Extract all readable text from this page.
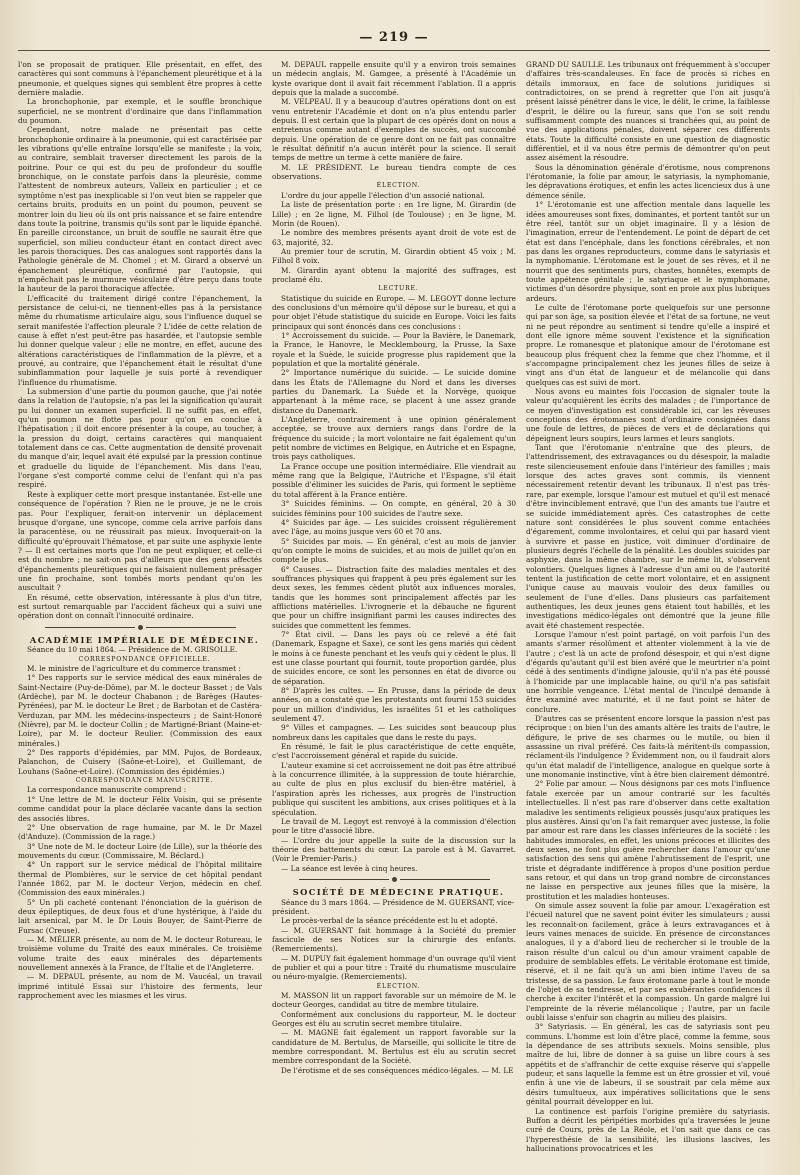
— 219 —

l'on se proposait de pratiquer. Elle présentait, en effet, des caractères qui sont communs à l'épanchement pleurétique et à la pneumonie, et quelques signes qui semblent être propres à cette dernière maladie.

La bronchophonie, par exemple, et le souffle bronchique superficiel, ne se montrent d'ordinaire que dans l'inflammation du poumon.

Cependant, notre malade ne présentait pas cette bronchophonie ordinaire à la pneumonie, qui est caractérisée par les vibrations qu'elle entraîne lorsqu'elle se manifeste ; la voix, au contraire, semblait traverser directement les parois de la poitrine. Pour ce qui est du peu de profondeur du souffle bronchique, on le constate parfois dans la pleurésie, comme l'attestent de nombreux auteurs, Valleix en particulier ; et ce symptôme n'est pas inexplicable si l'on veut bien se rappeler que certains bruits, produits en un point du poumon, peuvent se montrer loin du lieu où ils ont pris naissance et se faire entendre dans toute la poitrine, transmis qu'ils sont par le liquide épanché. En pareille circonstance, un bruit de souffle ne saurait être que superficiel, son milieu conducteur étant en contact direct avec les parois thoraciques. Des cas analogues sont rapportés dans la Pathologie générale de M. Chomel ; et M. Girard a observé un épanchement pleurétique, confirmé par l'autopsie, qui n'empêchait pas le murmure vésiculaire d'être perçu dans toute la hauteur de la paroi thoracique affectée.

L'efficacité du traitement dirigé contre l'épanchement, la persistance de celui-ci, ne tiennent-elles pas à la persistance même du rhumatisme articulaire aigu, sous l'influence duquel se serait manifestée l'affection pleurale ? L'idée de cette relation de cause à effet n'est peut-être pas hasardée, et l'autopsie semble lui donner quelque valeur ; elle ne montre, en effet, aucune des altérations caractéristiques de l'inflammation de la plèvre, et a prouvé, au contraire, que l'épanchement était le résultat d'une subinflammation pour laquelle je suis porté à revendiquer l'influence du rhumatisme.

La submersion d'une partie du poumon gauche, que j'ai notée dans la relation de l'autopsie, n'a pas lei la signification qu'aurait pu lui donner un examen superficiel. Il ne suffit pas, en effet, qu'un poumon ne flotte pas pour qu'on en conclue à l'hépatisation ; il doit encore présenter à la coupe, au toucher, à la pression du doigt, certains caractères qui manquaient totalement dans ce cas. Cette augmentation de densité provenait du manque d'air, lequel avait été expulsé par la pression continue et graduelle du liquide de l'épanchement. Mis dans l'eau, l'organe s'est comporté comme celui de l'enfant qui n'a pas respiré.

Reste à expliquer cette mort presque instantanée. Est-elle une conséquence de l'opération ? Rien ne le prouve, je ne le crois pas. Pour l'expliquer, ferait-on intervenir un déplacement brusque d'organe, une syncope, comme cela arrive parfois dans la paracentèse, ou ne réussirait pas mieux. Invoquerait-on la difficulté qu'éprouvait l'hématose, et par suite une asphyxie lente ? — Il est certaines morts que l'on ne peut expliquer, et celle-ci est du nombre ; ne sait-on pas d'ailleurs que des gens affectés d'épanchements pleurétiques qui ne faisaient nullement présager une fin prochaine, sont tombés morts pendant qu'on les auscultait ?

En résumé, cette observation, intéressante à plus d'un titre, est surtout remarquable par l'accident fâcheux qui a suivi une opération dont on connaît l'innocuité ordinaire.

ACADÉMIE IMPÉRIALE DE MÉDECINE.

Séance du 10 mai 1864. — Présidence de M. GRISOLLE.

CORRESPONDANCE OFFICIELLE.

M. le ministre de l'agriculture et du commerce transmet :

1° Des rapports sur le service médical des eaux minérales de Saint-Nectaire (Puy-de-Dôme), par M. le docteur Basset ; de Vals (Ardèche), par M. le docteur Chabanon ; de Barèges (Hautes-Pyrénées), par M. le docteur Le Bret ; de Barbotan et de Castéra-Verduzan, par MM. les médecins-inspecteurs ; de Saint-Honoré (Nièvre), par M. le docteur Collin ; de Martigné-Briant (Maine-et-Loire), par M. le docteur Reulier. (Commission des eaux minérales.)

2° Des rapports d'épidémies, par MM. Pujos, de Bordeaux, Palanchon, de Cuisery (Saône-et-Loire), et Guillemant, de Louhans (Saône-et-Loire). (Commission des épidémies.)

CORRESPONDANCE MANUSCRITE.

La correspondance manuscrite comprend :

1° Une lettre de M. le docteur Félix Voisin, qui se présente comme candidat pour la place déclarée vacante dans la section des associés libres.

2° Une observation de rage humaine, par M. le Dr Mazel (d'Anduze). (Commission de la rage.)

3° Une note de M. le docteur Loire (de Lille), sur la théorie des mouvements du cœur. (Commissaire, M. Béclard.)

4° Un rapport sur le service médical de l'hôpital militaire thermal de Plombières, sur le service de cet hôpital pendant l'année 1862, par M. le docteur Verjon, médecin en chef. (Commission des eaux minérales.)

5° Un pli cacheté contenant l'énonciation de la guérison de deux épileptiques, de deux fous et d'une hystérique, à l'aide du lait arsenical, par M. le Dr Louis Bouyer, de Saint-Pierre de Fursac (Creuse).

— M. MÉLIER présente, au nom de M. le docteur Rotureau, le troisième volume du Traité des eaux minérales. Ce troisième volume traite des eaux minérales des départements nouvellement annexés à la France, de l'Italie et de l'Angleterre.

— M. DEPAUL présente, au nom de M. Vaucéal, un travail imprimé intitulé Essai sur l'histoire des ferments, leur rapprochement avec les miasmes et les virus.

M. DEPAUL rappelle ensuite qu'il y a environ trois semaines un médecin anglais, M. Gamgee, a présenté à l'Académie un kyste ovarique dont il avait fait récemment l'ablation. Il a appris depuis que la malade a succombé.

M. VELPEAU. Il y a beaucoup d'autres opérations dont on est venu entretenir l'Académie et dont on n'a plus entendu parler depuis. Il est certain que la plupart de ces opérés dont on nous a entretenus comme autant d'exemples de succès, ont succombé depuis. Une opération de ce genre dont on ne fait pas connaître le résultat définitif n'a aucun intérêt pour la science. Il serait temps de mettre un terme à cette manière de faire.

M. LE PRÉSIDENT. Le bureau tiendra compte de ces observations.

ÉLECTION.

L'ordre du jour appelle l'élection d'un associé national.

La liste de présentation porte : en 1re ligne, M. Girardin (de Lille) ; en 2e ligne, M. Filhol (de Toulouse) ; en 3e ligne, M. Morin (de Rouen).

Le nombre des membres présents ayant droit de vote est de 63, majorité, 32.

Au premier tour de scrutin, M. Girardin obtient 45 voix ; M. Filhol 8 voix.

M. Girardin ayant obtenu la majorité des suffrages, est proclamé élu.

LECTURE.

Statistique du suicide en Europe. — M. LEGOYT donne lecture des conclusions d'un mémoire qu'il dépose sur le bureau, et qui a pour objet l'étude statistique du suicide en Europe. Voici les faits principaux qui sont énoncés dans ces conclusions :

1° Accroissement du suicide. — Pour la Bavière, le Danemark, la France, le Hanovre, le Mecklembourg, la Prusse, la Saxe royale et la Suède, le suicide progresse plus rapidement que la population et que la mortalité générale.

2° Importance numérique du suicide. — Le suicide domine dans les États de l'Allemagne du Nord et dans les diverses parties du Danemark. La Suède et la Norvège, quoique appartenant à la même race, se placent à une assez grande distance du Danemark.

L'Angleterre, contrairement à une opinion généralement acceptée, se trouve aux derniers rangs dans l'ordre de la fréquence du suicide ; la mort volontaire ne fait également qu'un petit nombre de victimes en Belgique, en Autriche et en Espagne, trois pays catholiques.

La France occupe une position intermédiaire. Elle viendrait au même rang que la Belgique, l'Autriche et l'Espagne, s'il était possible d'éliminer les suicides de Paris, qui forment le septième du total afférent à la France entière.

3° Suicides féminins. — On compte, en général, 20 à 30 suicides féminins pour 100 suicides de l'autre sexe.

4° Suicides par âge. — Les suicides croissent régulièrement avec l'âge, au moins jusque vers 60 et 70 ans.

5° Suicides par mois. — En général, c'est au mois de janvier qu'on compte le moins de suicides, et au mois de juillet qu'on en compte le plus.

6° Causes. — Distraction faite des maladies mentales et des souffrances physiques qui frappent à peu près également sur les deux sexes, les femmes cèdent plutôt aux influences morales, tandis que les hommes sont principalement affectés par les afflictions matérielles. L'ivrognerie et la débauche ne figurent que pour un chiffre insignifiant parmi les causes indirectes des suicides que commettent les femmes.

7° État civil. — Dans les pays où ce relevé a été fait (Danemark, Espagne et Saxe), ce sont les gens mariés qui cèdent le moins à ce funeste penchant et les veufs qui y cèdent le plus. Il est une classe pourtant qui fournit, toute proportion gardée, plus de suicides encore, ce sont les personnes en état de divorce ou de séparation.

8° D'après les cultes. — En Prusse, dans la période de deux années, on a constaté que les protestants ont fourni 153 suicides pour un million d'individus, les israélites 51 et les catholiques seulement 47.

9° Villes et campagnes. — Les suicides sont beaucoup plus nombreux dans les capitales que dans le reste du pays.

En résumé, le fait le plus caractéristique de cette enquête, c'est l'accroissement général et rapide du suicide.

L'auteur examine si cet accroissement ne doit pas être attribué à la concurrence illimitée, à la suppression de toute hiérarchie, au culte de plus en plus exclusif du bien-être matériel, à l'aspiration après les richesses, aux progrès de l'instruction publique qui suscitent les ambitions, aux crises politiques et à la spéculation.

Le travail de M. Legoyt est renvoyé à la commission d'élection pour le titre d'associé libre.

— L'ordre du jour appelle la suite de la discussion sur la théorie des battements du cœur. La parole est à M. Gavarret. (Voir le Premier-Paris.)

— La séance est levée à cinq heures.

SOCIÉTÉ DE MÉDECINE PRATIQUE.

Séance du 3 mars 1864. — Présidence de M. GUERSANT, vice-président.

Le procès-verbal de la séance précédente est lu et adopté.

— M. GUERSANT fait hommage à la Société du premier fascicule de ses Notices sur la chirurgie des enfants. (Remerciements).

— M. DUPUY fait également hommage d'un ouvrage qu'il vient de publier et qui a pour titre : Traité du rhumatisme musculaire ou néuro-myalgie. (Remerciements).

ÉLECTION.

M. MASSON lit un rapport favorable sur un mémoire de M. le docteur Georges, candidat au titre de membre titulaire.

Conformément aux conclusions du rapporteur, M. le docteur Georges est élu au scrutin secret membre titulaire.

— M. MAGNE fait également un rapport favorable sur la candidature de M. Bertulus, de Marseille, qui sollicite le titre de membre correspondant. M. Bertulus est élu au scrutin secret membre correspondant de la Société.

De l'érotisme et de ses conséquences médico-légales. — M. LE

GRAND DU SAULLE. Les tribunaux ont fréquemment à s'occuper d'affaires très-scandaleuses. En face de procès si riches en détails immoraux, en face de solutions juridiques si contradictoires, on se prend à regretter que l'on ait jusqu'à présent laissé pénétrer dans le vice, le délit, le crime, la faiblesse d'esprit, le délire ou la fureur, sans que l'on se soit rendu suffisamment compte des nuances si tranchées qui, au point de vue des applications pénales, doivent séparer ces différents états. Toute la difficulté consiste en une question de diagnostic différentiel, et il va nous être permis de démontrer qu'on peut assez aisément la résoudre.

Sous la dénomination générale d'érotisme, nous comprenons l'érotomanie, la folie par amour, le satyriasis, la nymphomanie, les dépravations érotiques, et enfin les actes licencieux dus à une démence sénile.

1° L'érotomanie est une affection mentale dans laquelle les idées amoureuses sont fixes, dominantes, et portent tantôt sur un être réel, tantôt sur un objet imaginaire. Il y a lésion de l'imagination, erreur de l'entendement. Le point de départ de cet état est dans l'encéphale, dans les fonctions cérébrales, et non pas dans les organes reproducteurs, comme dans le satyriasis et la nymphomanie. L'érotomane est le jouet de ses rêves, et il ne nourrit que des sentiments purs, chastes, honnêtes, exempts de toute appétence génitale ; le satyriaque et le nymphomane, victimes d'un désordre physique, sont en proie aux plus lubriques ardeurs.

Le culte de l'érotomane porte quelquefois sur une personne qui par son âge, sa position élevée et l'état de sa fortune, ne veut ni ne peut répondre au sentiment si tendre qu'elle a inspiré et dont elle ignore même souvent l'existence et la signification propre. Le romanesque et platonique amour de l'érotomane est beaucoup plus fréquent chez la femme que chez l'homme, et il s'accompagne principalement chez les jeunes filles de seize à vingt ans d'un état de langueur et de mélancolie qui dans quelques cas est suivi de mort.

Nous avons eu maintes fois l'occasion de signaler toute la valeur qu'acquièrent les écrits des malades ; de l'importance de ce moyen d'investigation est considérable ici, car les rêveuses conceptions des érotomanes sont d'ordinaire consignées dans une foule de lettres, de pièces de vers et de déclarations qui dépeignent leurs soupirs, leurs larmes et leurs sanglots.

Tant que l'érotomanie n'entraîne que des pleurs, de l'attendrissement, des extravagances ou du désespoir, la maladie reste silencieusement enfouie dans l'intérieur des familles ; mais lorsque des actes graves sont commis, ils viennent nécessairement retentir devant les tribunaux. Il n'est pas très-rare, par exemple, lorsque l'amour est mutuel et qu'il est menacé d'être invinciblement entravé, que l'un des amants tue l'autre et se suicide immédiatement après. Ces catastrophes de cette nature sont considérées le plus souvent comme entachées d'égarement, comme involontaires, et celui qui par hasard vient à survivre et passe en justice, voit diminuer d'ordinaire de plusieurs degrés l'échelle de la pénalité. Les doubles suicides par asphyxie, dans la même chambre, sur le même lit, s'observent volontiers. Quelques lignes à l'adresse d'un ami ou de l'autorité tentent la justification de cette mort volontaire, et en assignent l'unique cause au mauvais vouloir des deux familles ou seulement de l'une d'elles. Dans plusieurs cas parfaitement authentiques, les deux jeunes gens étaient tout habillés, et les investigations médico-légales ont démontré que la jeune fille avait été chastement respectée.

Lorsque l'amour n'est point partagé, on voit parfois l'un des amants s'armer résolûment et attenter violemment à la vie de l'autre ; c'est là un acte de profond désespoir, et qui n'est digne d'égards qu'autant qu'il est bien avéré que le meurtrier n'a point cédé à des sentiments d'indigne jalousie, qu'il n'a pas été poussé à l'homicide par une implacable haine, ou qu'il n'a pas satisfait une horrible vengeance. L'état mental de l'inculpé demande à être examiné avec maturité, et il ne faut point se hâter de conclure.

D'autres cas se présentent encore lorsque la passion n'est pas réciproque : on bien l'un des amants altère les traits de l'autre, le défigure, le prive de ses charmes ou le mutile, ou bien il assassine un rival préféré. Ces faits-là méritent-ils compassion, réclament-ils l'indulgence ? Évidemment non, ou il faudrait alors qu'un état maladif de l'intelligence, analogue en quelque sorte à une monomanie instinctive, vînt à être bien clairement démontré.

2° Folie par amour. — Nous désignons par ces mots l'influence fatale exercée par un amour contrarié sur les facultés intellectuelles. Il n'est pas rare d'observer dans cette exaltation maladive les sentiments religieux poussés jusqu'aux pratiques les plus austères. Ainsi qu'on l'a fait remarquer avec justesse, la folie par amour est rare dans les classes inférieures de la société : les habitudes immorales, en effet, les unions précoces et illicites des deux sexes, ne font plus guère rechercher dans l'amour qu'une satisfaction des sens qui amène l'abrutissement de l'esprit, une triste et dégradante indifférence à propos d'une position perdue sans retour, et qui dans un trop grand nombre de circonstances ne laisse en perspective aux jeunes filles que la misère, la prostitution et les maladies honteuses.

On simule assez souvent la folie par amour. L'exagération est l'écueil naturel que ne savent point éviter les simulateurs ; aussi les reconnaît-on facilement, grâce à leurs extravagances et à leurs vaines menaces de suicide. En présence de circonstances analogues, il y a d'abord lieu de rechercher si le trouble de la raison résulte d'un calcul ou d'un amour vraiment capable de produire de semblables effets. Le véritable érotomane est timide, réservé, et il ne fait qu'à un ami bien intime l'aveu de sa tristesse, de sa passion. Le faux érotomane parle à tout le monde de l'objet de sa tendresse, et par ses exubérantes confidences il cherche à exciter l'intérêt et la compassion. Un garde malgré lui l'empreinte de la rêverie mélancolique ; l'autre, par un facile oubli laisse s'enfuir son chagrin au milieu des plaisirs.

3° Satyriasis. — En général, les cas de satyriasis sont peu communs. L'homme est loin d'être placé, comme la femme, sous la dépendance de ses attributs sexuels. Moins sensible, plus maître de lui, libre de donner à sa guise un libre cours à ses appétits et de s'affranchir de cette exquise réserve qui s'appelle pudeur, et sans laquelle la femme est un être grossier et vil, voué enfin à une vie de labeurs, il se soustrait par cela même aux désirs tumultueux, aux impératives sollicitations que le sens génital pourrait développer en lui.

La continence est parfois l'origine première du satyriasis. Buffon a décrit les péripéties morbides qu'a traversées le jeune curé de Cours, près de La Réole, et l'on sait que dans ce cas l'hyperesthésie de la sensibilité, les illusions lascives, les hallucinations provocatrices et les
